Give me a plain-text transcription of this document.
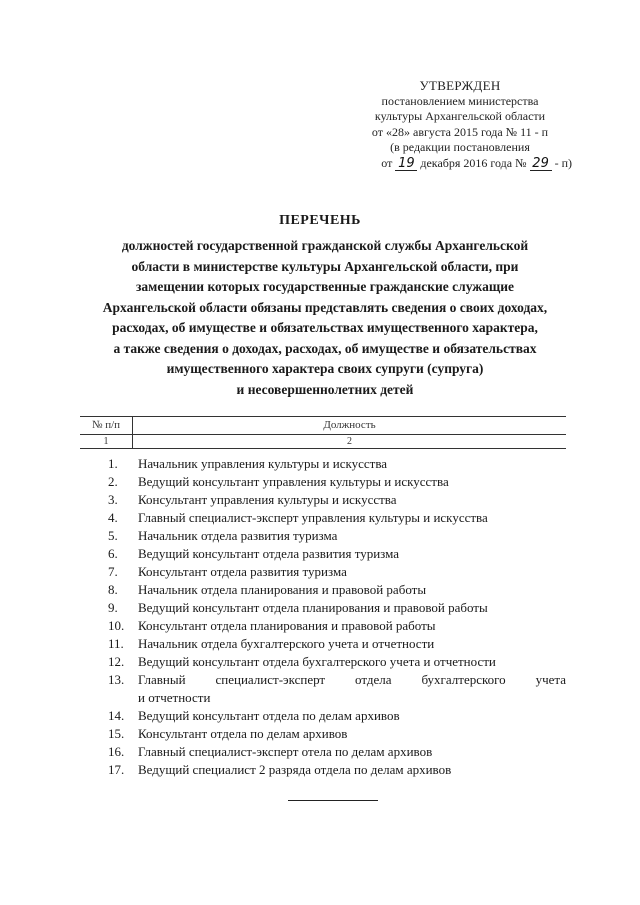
УТВЕРЖДЕН
постановлением министерства
культуры Архангельской области
от «28» августа 2015 года № 11 - п
(в редакции постановления
от 19 декабря 2016 года № 29 - п)
ПЕРЕЧЕНЬ
должностей государственной гражданской службы Архангельской
области в министерстве культуры Архангельской области, при
замещении которых государственные гражданские служащие
Архангельской области обязаны представлять сведения о своих доходах,
расходах, об имуществе и обязательствах имущественного характера,
а также сведения о доходах, расходах, об имуществе и обязательствах
имущественного характера своих супруги (супруга)
и несовершеннолетних детей
№ п/п	Должность
1	2
1.	Начальник управления культуры и искусства
2.	Ведущий консультант управления культуры и искусства
3.	Консультант управления культуры и искусства
4.	Главный специалист-эксперт управления культуры и искусства
5.	Начальник отдела развития туризма
6.	Ведущий консультант отдела развития туризма
7.	Консультант отдела развития туризма
8.	Начальник отдела планирования и правовой работы
9.	Ведущий консультант отдела планирования и правовой работы
10.	Консультант отдела планирования и правовой работы
11.	Начальник отдела бухгалтерского учета и отчетности
12.	Ведущий консультант отдела бухгалтерского учета и отчетности
13.	Главный специалист-эксперт отдела бухгалтерского учета
и отчетности
14.	Ведущий консультант отдела по делам архивов
15.	Консультант отдела по делам архивов
16.	Главный специалист-эксперт отела по делам архивов
17.	Ведущий специалист 2 разряда отдела по делам архивов
